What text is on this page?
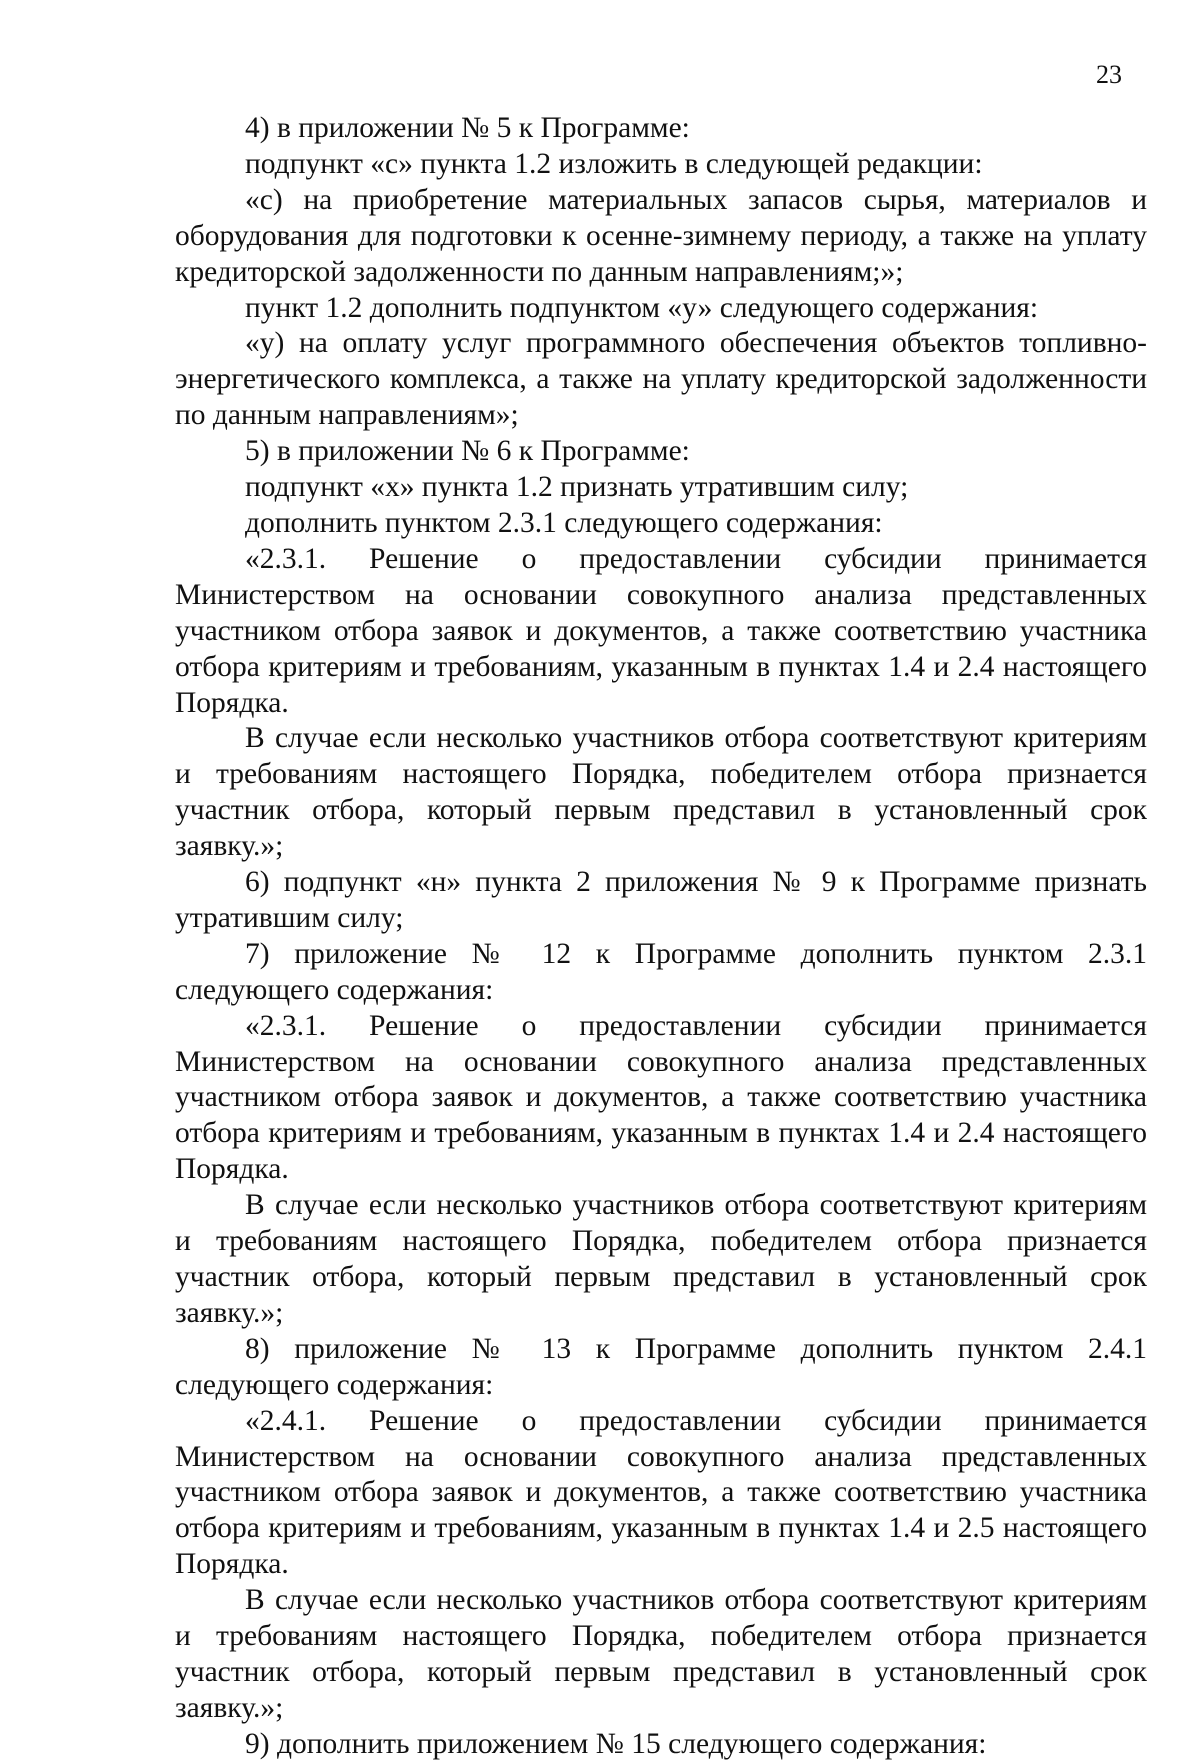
23

4) в приложении № 5 к Программе:

подпункт «с» пункта 1.2 изложить в следующей редакции:

«с) на приобретение материальных запасов сырья, материалов и оборудования для подготовки к осенне-зимнему периоду, а также на уплату кредиторской задолженности по данным направлениям;»;

пункт 1.2 дополнить подпунктом «у» следующего содержания:

«у) на оплату услуг программного обеспечения объектов топливно-энергетического комплекса, а также на уплату кредиторской задолженности по данным направлениям»;

5) в приложении № 6 к Программе:

подпункт «х» пункта 1.2 признать утратившим силу;

дополнить пунктом 2.3.1 следующего содержания:

«2.3.1. Решение о предоставлении субсидии принимается Министерством на основании совокупного анализа представленных участником отбора заявок и документов, а также соответствию участника отбора критериям и требованиям, указанным в пунктах 1.4 и 2.4 настоящего Порядка.

В случае если несколько участников отбора соответствуют критериям и требованиям настоящего Порядка, победителем отбора признается участник отбора, который первым представил в установленный срок заявку.»;

6) подпункт «н» пункта 2 приложения № 9 к Программе признать утратившим силу;

7) приложение № 12 к Программе дополнить пунктом 2.3.1 следующего содержания:

«2.3.1. Решение о предоставлении субсидии принимается Министерством на основании совокупного анализа представленных участником отбора заявок и документов, а также соответствию участника отбора критериям и требованиям, указанным в пунктах 1.4 и 2.4 настоящего Порядка.

В случае если несколько участников отбора соответствуют критериям и требованиям настоящего Порядка, победителем отбора признается участник отбора, который первым представил в установленный срок заявку.»;

8) приложение № 13 к Программе дополнить пунктом 2.4.1 следующего содержания:

«2.4.1. Решение о предоставлении субсидии принимается Министерством на основании совокупного анализа представленных участником отбора заявок и документов, а также соответствию участника отбора критериям и требованиям, указанным в пунктах 1.4 и 2.5 настоящего Порядка.

В случае если несколько участников отбора соответствуют критериям и требованиям настоящего Порядка, победителем отбора признается участник отбора, который первым представил в установленный срок заявку.»;

9) дополнить приложением № 15 следующего содержания:
